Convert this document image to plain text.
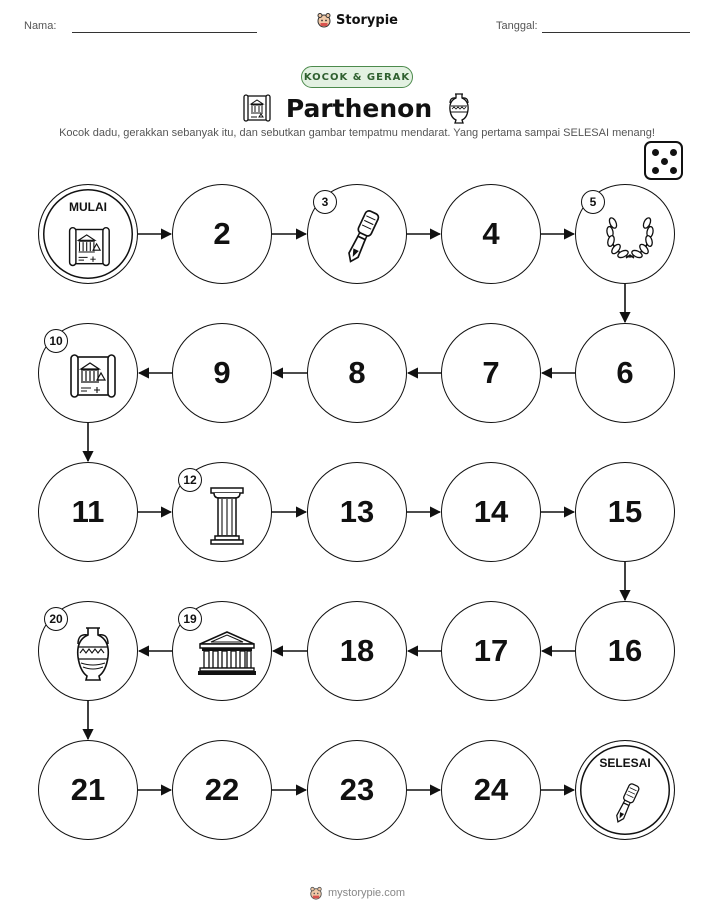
Nama:	Storypie	Tanggal:
KOCOK & GERAK
Parthenon
Kocok dadu, gerakkan sebanyak itu, dan sebutkan gambar tempatmu mendarat. Yang pertama sampai SELESAI menang!
MULAI
2
3
4
5
6
7
8
9
10
11
12
13	14	15
16
17
18
19
20
21	22	23	24
SELESAI
mystorypie.com
